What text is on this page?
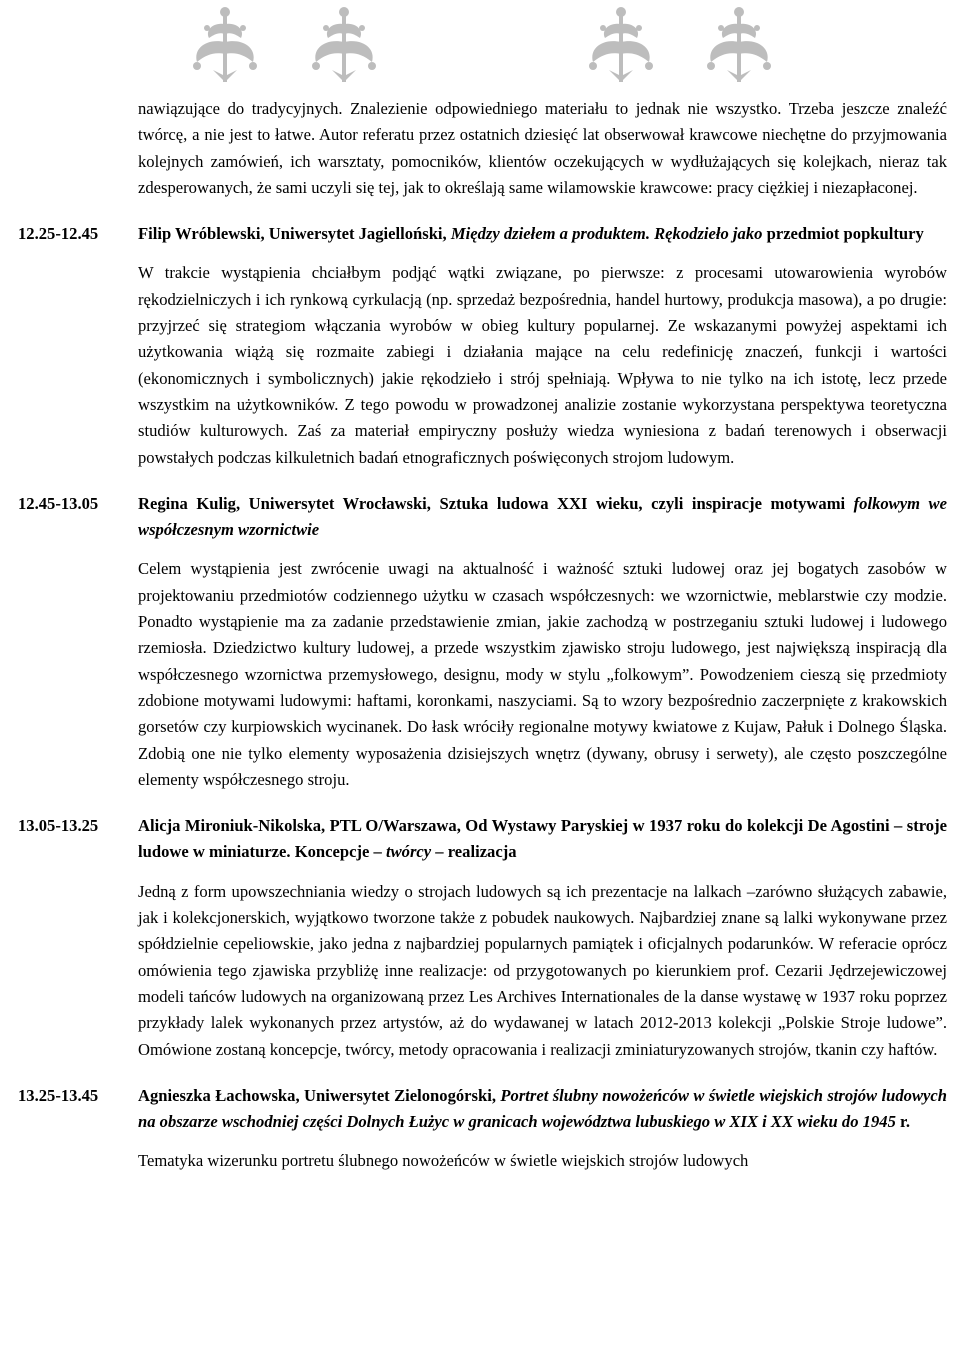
nawiązujące do tradycyjnych. Znalezienie odpowiedniego materiału to jednak nie wszystko. Trzeba jeszcze znaleźć twórcę, a nie jest to łatwe. Autor referatu przez ostatnich dziesięć lat obserwował krawcowe niechętne do przyjmowania kolejnych zamówień, ich warsztaty, pomocników, klientów oczekujących w wydłużających się kolejkach, nieraz tak zdesperowanych, że sami uczyli się tej, jak to określają same wilamowskie krawcowe: pracy ciężkiej i niezapłaconej.

12.25-12.45	Filip Wróblewski, Uniwersytet Jagielloński, Między dziełem a produktem. Rękodzieło jako przedmiot popkultury

W trakcie wystąpienia chciałbym podjąć wątki związane, po pierwsze: z procesami utowarowienia wyrobów rękodzielniczych i ich rynkową cyrkulacją (np. sprzedaż bezpośrednia, handel hurtowy, produkcja masowa), a po drugie: przyjrzeć się strategiom włączania wyrobów w obieg kultury popularnej. Ze wskazanymi powyżej aspektami ich użytkowania wiążą się rozmaite zabiegi i działania mające na celu redefinicję znaczeń, funkcji i wartości (ekonomicznych i symbolicznych) jakie rękodzieło i strój spełniają. Wpływa to nie tylko na ich istotę, lecz przede wszystkim na użytkowników. Z tego powodu w prowadzonej analizie zostanie wykorzystana perspektywa teoretyczna studiów kulturowych. Zaś za materiał empiryczny posłuży wiedza wyniesiona z badań terenowych i obserwacji powstałych podczas kilkuletnich badań etnograficznych poświęconych strojom ludowym.

12.45-13.05	Regina Kulig, Uniwersytet Wrocławski, Sztuka ludowa XXI wieku, czyli inspiracje motywami folkowym we współczesnym wzornictwie

Celem wystąpienia jest zwrócenie uwagi na aktualność i ważność sztuki ludowej oraz jej bogatych zasobów w projektowaniu przedmiotów codziennego użytku w czasach współczesnych: we wzornictwie, meblarstwie czy modzie. Ponadto wystąpienie ma za zadanie przedstawienie zmian, jakie zachodzą w postrzeganiu sztuki ludowej i ludowego rzemiosła. Dziedzictwo kultury ludowej, a przede wszystkim zjawisko stroju ludowego, jest największą inspiracją dla współczesnego wzornictwa przemysłowego, designu, mody w stylu „folkowym”. Powodzeniem cieszą się przedmioty zdobione motywami ludowymi: haftami, koronkami, naszyciami. Są to wzory bezpośrednio zaczerpnięte z krakowskich gorsetów czy kurpiowskich wycinanek. Do łask wróciły regionalne motywy kwiatowe z Kujaw, Pałuk i Dolnego Śląska. Zdobią one nie tylko elementy wyposażenia dzisiejszych wnętrz (dywany, obrusy i serwety), ale często poszczególne elementy współczesnego stroju.

13.05-13.25	Alicja Mironiuk-Nikolska, PTL O/Warszawa, Od Wystawy Paryskiej w 1937 roku do kolekcji De Agostini – stroje ludowe w miniaturze. Koncepcje – twórcy – realizacja

Jedną z form upowszechniania wiedzy o strojach ludowych są ich prezentacje na lalkach –zarówno służących zabawie, jak i kolekcjonerskich, wyjątkowo tworzone także z pobudek naukowych. Najbardziej znane są lalki wykonywane przez spółdzielnie cepeliowskie, jako jedna z najbardziej popularnych pamiątek i oficjalnych podarunków. W referacie oprócz omówienia tego zjawiska przybliżę inne realizacje: od przygotowanych po kierunkiem prof. Cezarii Jędrzejewiczowej modeli tańców ludowych na organizowaną przez Les Archives Internationales de la danse wystawę w 1937 roku poprzez przykłady lalek wykonanych przez artystów, aż do wydawanej w latach 2012-2013 kolekcji „Polskie Stroje ludowe”. Omówione zostaną koncepcje, twórcy, metody opracowania i realizacji zminiaturyzowanych strojów, tkanin czy haftów.

13.25-13.45	Agnieszka Łachowska, Uniwersytet Zielonogórski, Portret ślubny nowożeńców w świetle wiejskich strojów ludowych na obszarze wschodniej części Dolnych Łużyc w granicach województwa lubuskiego w XIX i XX wieku do 1945 r.

Tematyka wizerunku portretu ślubnego nowożeńców w świetle wiejskich strojów ludowych
